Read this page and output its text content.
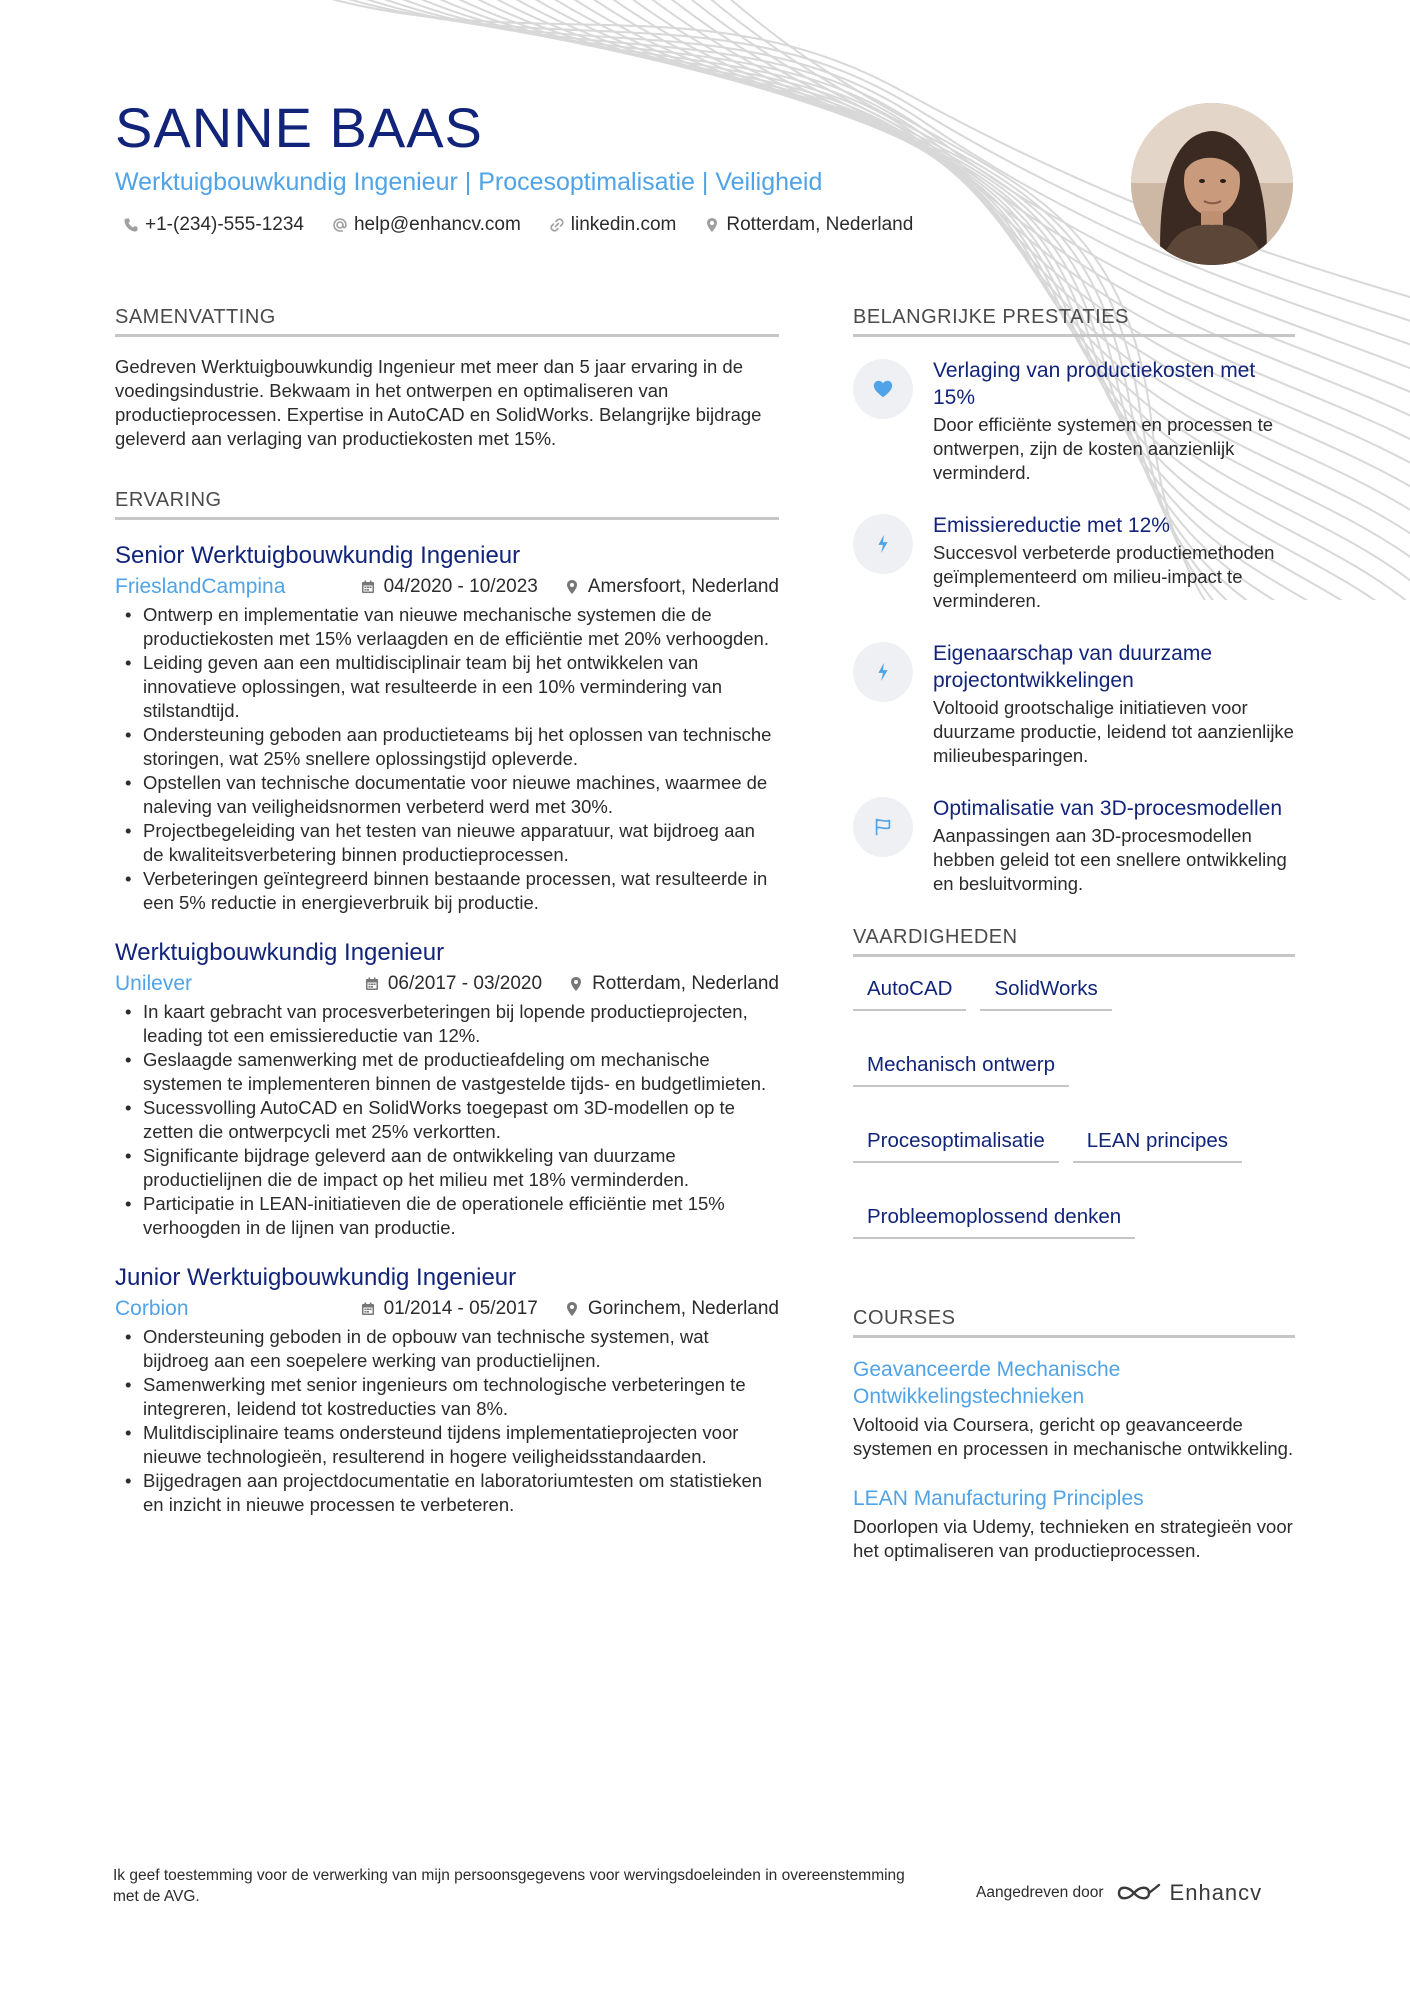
SANNE BAAS
Werktuigbouwkundig Ingenieur | Procesoptimalisatie | Veiligheid
+1-(234)-555-1234	help@enhancv.com	linkedin.com	Rotterdam, Nederland
SAMENVATTING

Gedreven Werktuigbouwkundig Ingenieur met meer dan 5 jaar ervaring in de voedingsindustrie. Bekwaam in het ontwerpen en optimaliseren van productieprocessen. Expertise in AutoCAD en SolidWorks. Belangrijke bijdrage geleverd aan verlaging van productiekosten met 15%.

ERVARING
Senior Werktuigbouwkundig Ingenieur
FrieslandCampina	04/2020 - 10/2023	Amersfoort, Nederland
• Ontwerp en implementatie van nieuwe mechanische systemen die de productiekosten met 15% verlaagden en de efficiëntie met 20% verhoogden.
• Leiding geven aan een multidisciplinair team bij het ontwikkelen van innovatieve oplossingen, wat resulteerde in een 10% vermindering van stilstandtijd.
• Ondersteuning geboden aan productieteams bij het oplossen van technische storingen, wat 25% snellere oplossingstijd opleverde.
• Opstellen van technische documentatie voor nieuwe machines, waarmee de naleving van veiligheidsnormen verbeterd werd met 30%.
• Projectbegeleiding van het testen van nieuwe apparatuur, wat bijdroeg aan de kwaliteitsverbetering binnen productieprocessen.
• Verbeteringen geïntegreerd binnen bestaande processen, wat resulteerde in een 5% reductie in energieverbruik bij productie.
Werktuigbouwkundig Ingenieur
Unilever	06/2017 - 03/2020	Rotterdam, Nederland
• In kaart gebracht van procesverbeteringen bij lopende productieprojecten, leading tot een emissiereductie van 12%.
• Geslaagde samenwerking met de productieafdeling om mechanische systemen te implementeren binnen de vastgestelde tijds- en budgetlimieten.
• Sucessvolling AutoCAD en SolidWorks toegepast om 3D-modellen op te zetten die ontwerpcycli met 25% verkortten.
• Significante bijdrage geleverd aan de ontwikkeling van duurzame productielijnen die de impact op het milieu met 18% verminderden.
• Participatie in LEAN-initiatieven die de operationele efficiëntie met 15% verhoogden in de lijnen van productie.
Junior Werktuigbouwkundig Ingenieur
Corbion	01/2014 - 05/2017	Gorinchem, Nederland
• Ondersteuning geboden in de opbouw van technische systemen, wat bijdroeg aan een soepelere werking van productielijnen.
• Samenwerking met senior ingenieurs om technologische verbeteringen te integreren, leidend tot kostreducties van 8%.
• Mulitdisciplinaire teams ondersteund tijdens implementatieprojecten voor nieuwe technologieën, resulterend in hogere veiligheidsstandaarden.
• Bijgedragen aan projectdocumentatie en laboratoriumtesten om statistieken en inzicht in nieuwe processen te verbeteren.
BELANGRIJKE PRESTATIES
Verlaging van productiekosten met 15%
Door efficiënte systemen en processen te ontwerpen, zijn de kosten aanzienlijk verminderd.
Emissiereductie met 12%
Succesvol verbeterde productiemethoden geïmplementeerd om milieu-impact te verminderen.
Eigenaarschap van duurzame projectontwikkelingen
Voltooid grootschalige initiatieven voor duurzame productie, leidend tot aanzienlijke milieubesparingen.
Optimalisatie van 3D-procesmodellen
Aanpassingen aan 3D-procesmodellen hebben geleid tot een snellere ontwikkeling en besluitvorming.
VAARDIGHEDEN
AutoCAD	SolidWorks
Mechanisch ontwerp
Procesoptimalisatie	LEAN principes
Probleemoplossend denken
COURSES
Geavanceerde Mechanische Ontwikkelingstechnieken
Voltooid via Coursera, gericht op geavanceerde systemen en processen in mechanische ontwikkeling.
LEAN Manufacturing Principles
Doorlopen via Udemy, technieken en strategieën voor het optimaliseren van productieprocessen.
Ik geef toestemming voor de verwerking van mijn persoonsgegevens voor wervingsdoeleinden in overeenstemming met de AVG.	Aangedreven door	Enhancv
